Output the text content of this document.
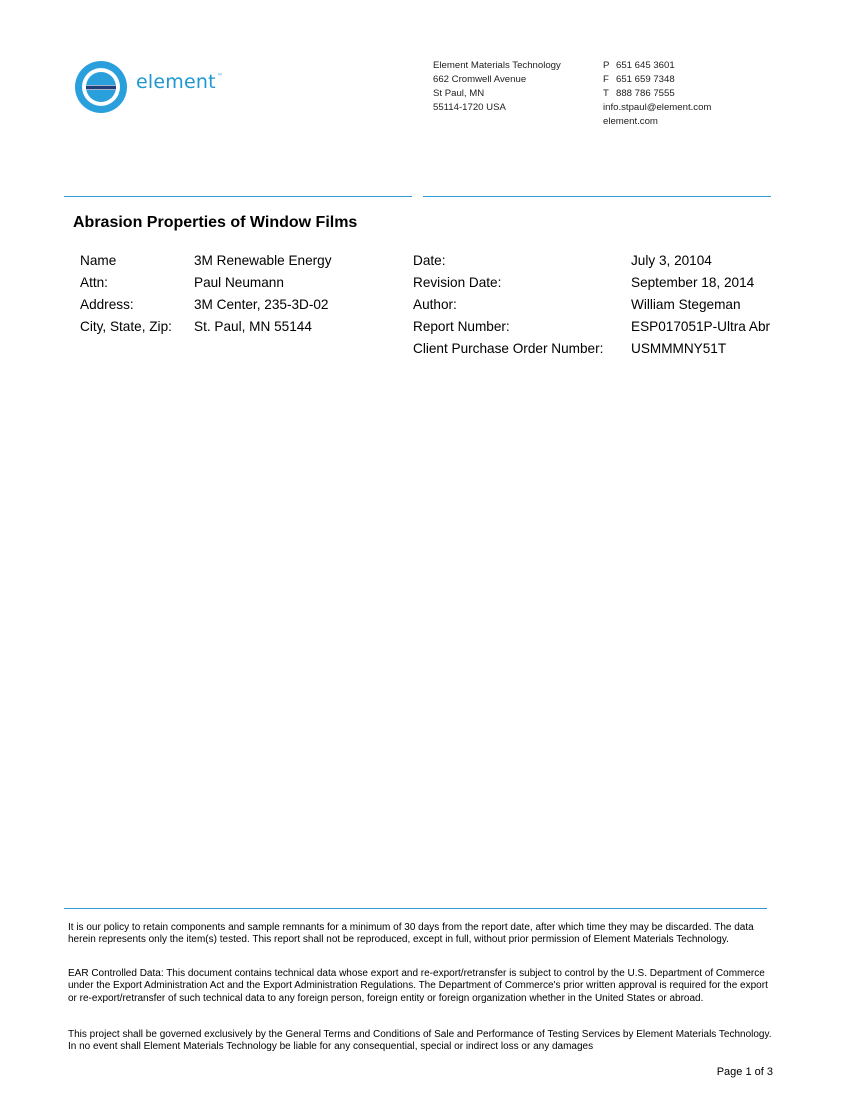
element™
Element Materials Technology
662 Cromwell Avenue
St Paul, MN
55114-1720 USA
P 651 645 3601
F 651 659 7348
T 888 786 7555
info.stpaul@element.com
element.com
Abrasion Properties of Window Films
Name	3M Renewable Energy
Attn:	Paul Neumann
Address:	3M Center, 235-3D-02
City, State, Zip: St. Paul, MN 55144
Date:	July 3, 20104
Revision Date:	September 18, 2014
Author:	William Stegeman
Report Number:	ESP017051P-Ultra Abr
Client Purchase Order Number: USMMMNY51T
It is our policy to retain components and sample remnants for a minimum of 30 days from the report date, after which time they may be discarded. The data herein represents only the item(s) tested. This report shall not be reproduced, except in full, without prior permission of Element Materials Technology.
EAR Controlled Data: This document contains technical data whose export and re-export/retransfer is subject to control by the U.S. Department of Commerce under the Export Administration Act and the Export Administration Regulations. The Department of Commerce's prior written approval is required for the export or re-export/retransfer of such technical data to any foreign person, foreign entity or foreign organization whether in the United States or abroad.
This project shall be governed exclusively by the General Terms and Conditions of Sale and Performance of Testing Services by Element Materials Technology. In no event shall Element Materials Technology be liable for any consequential, special or indirect loss or any damages
Page 1 of 3
